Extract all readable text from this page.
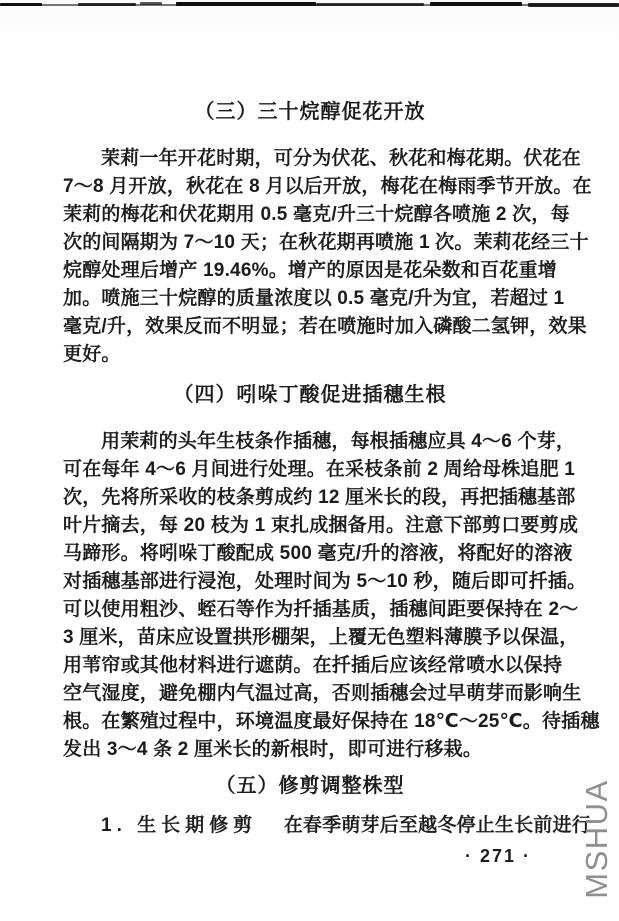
（三）三十烷醇促花开放
茉莉一年开花时期，可分为伏花、秋花和梅花期。伏花在
7～8 月开放，秋花在 8 月以后开放，梅花在梅雨季节开放。在
茉莉的梅花和伏花期用 0.5 毫克/升三十烷醇各喷施 2 次，每
次的间隔期为 7～10 天；在秋花期再喷施 1 次。茉莉花经三十
烷醇处理后增产 19.46%。增产的原因是花朵数和百花重增
加。喷施三十烷醇的质量浓度以 0.5 毫克/升为宜，若超过 1
毫克/升，效果反而不明显；若在喷施时加入磷酸二氢钾，效果
更好。
（四）吲哚丁酸促进插穗生根
用茉莉的头年生枝条作插穗，每根插穗应具 4～6 个芽，
可在每年 4～6 月间进行处理。在采枝条前 2 周给母株追肥 1
次，先将所采收的枝条剪成约 12 厘米长的段，再把插穗基部
叶片摘去，每 20 枝为 1 束扎成捆备用。注意下部剪口要剪成
马蹄形。将吲哚丁酸配成 500 毫克/升的溶液，将配好的溶液
对插穗基部进行浸泡，处理时间为 5～10 秒，随后即可扦插。
可以使用粗沙、蛭石等作为扦插基质，插穗间距要保持在 2～
3 厘米，苗床应设置拱形棚架，上覆无色塑料薄膜予以保温，
用苇帘或其他材料进行遮荫。在扦插后应该经常喷水以保持
空气湿度，避免棚内气温过高，否则插穗会过早萌芽而影响生
根。在繁殖过程中，环境温度最好保持在 18℃～25℃。待插穗
发出 3～4 条 2 厘米长的新根时，即可进行移栽。
（五）修剪调整株型
1. 生长期修剪 在春季萌芽后至越冬停止生长前进行
· 271 ·	MSHUA
